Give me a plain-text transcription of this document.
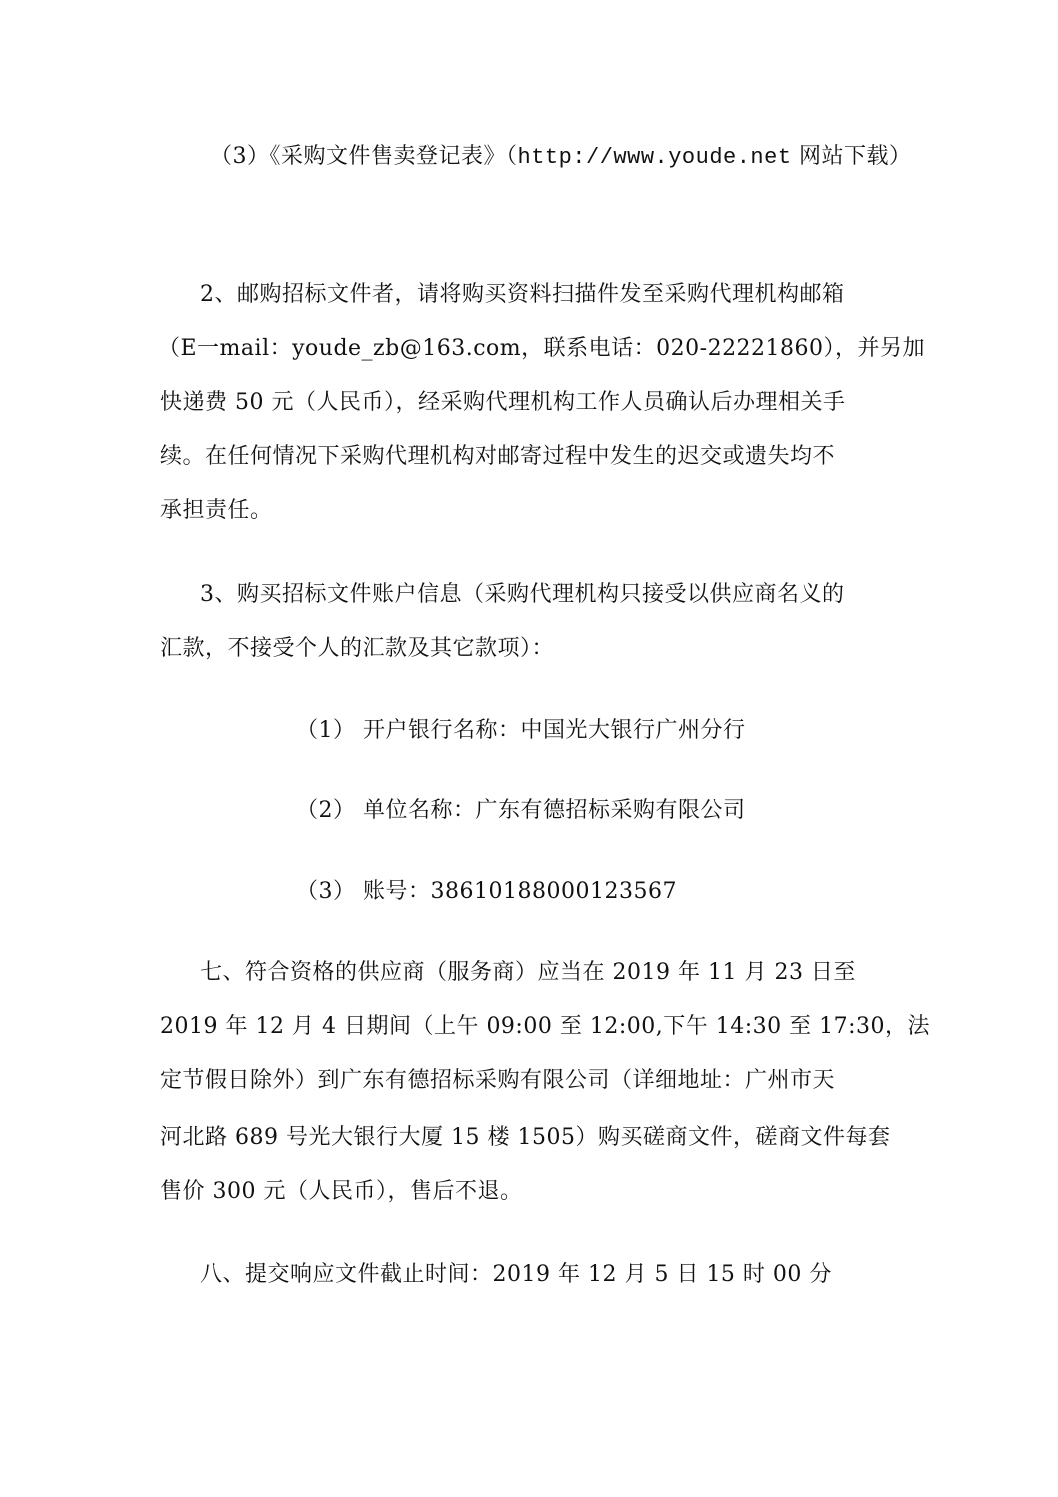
（3）《采购文件售卖登记表》（http://www.youde.net 网站下载）
2、邮购招标文件者，请将购买资料扫描件发至采购代理机构邮箱
（E一mail：youde_zb@163.com，联系电话：020-22221860），并另加
快递费 50 元（人民币），经采购代理机构工作人员确认后办理相关手
续。在任何情况下采购代理机构对邮寄过程中发生的迟交或遗失均不
承担责任。
3、购买招标文件账户信息（采购代理机构只接受以供应商名义的
汇款，不接受个人的汇款及其它款项）：
（1） 开户银行名称：中国光大银行广州分行
（2） 单位名称：广东有德招标采购有限公司
（3） 账号：38610188000123567
七、符合资格的供应商（服务商）应当在 2019 年 11 月 23 日至
2019 年 12 月 4 日期间（上午 09:00 至 12:00,下午 14:30 至 17:30，法
定节假日除外）到广东有德招标采购有限公司（详细地址：广州市天
河北路 689 号光大银行大厦 15 楼 1505）购买磋商文件，磋商文件每套
售价 300 元（人民币），售后不退。
八、提交响应文件截止时间：2019 年 12 月 5 日 15 时 00 分
